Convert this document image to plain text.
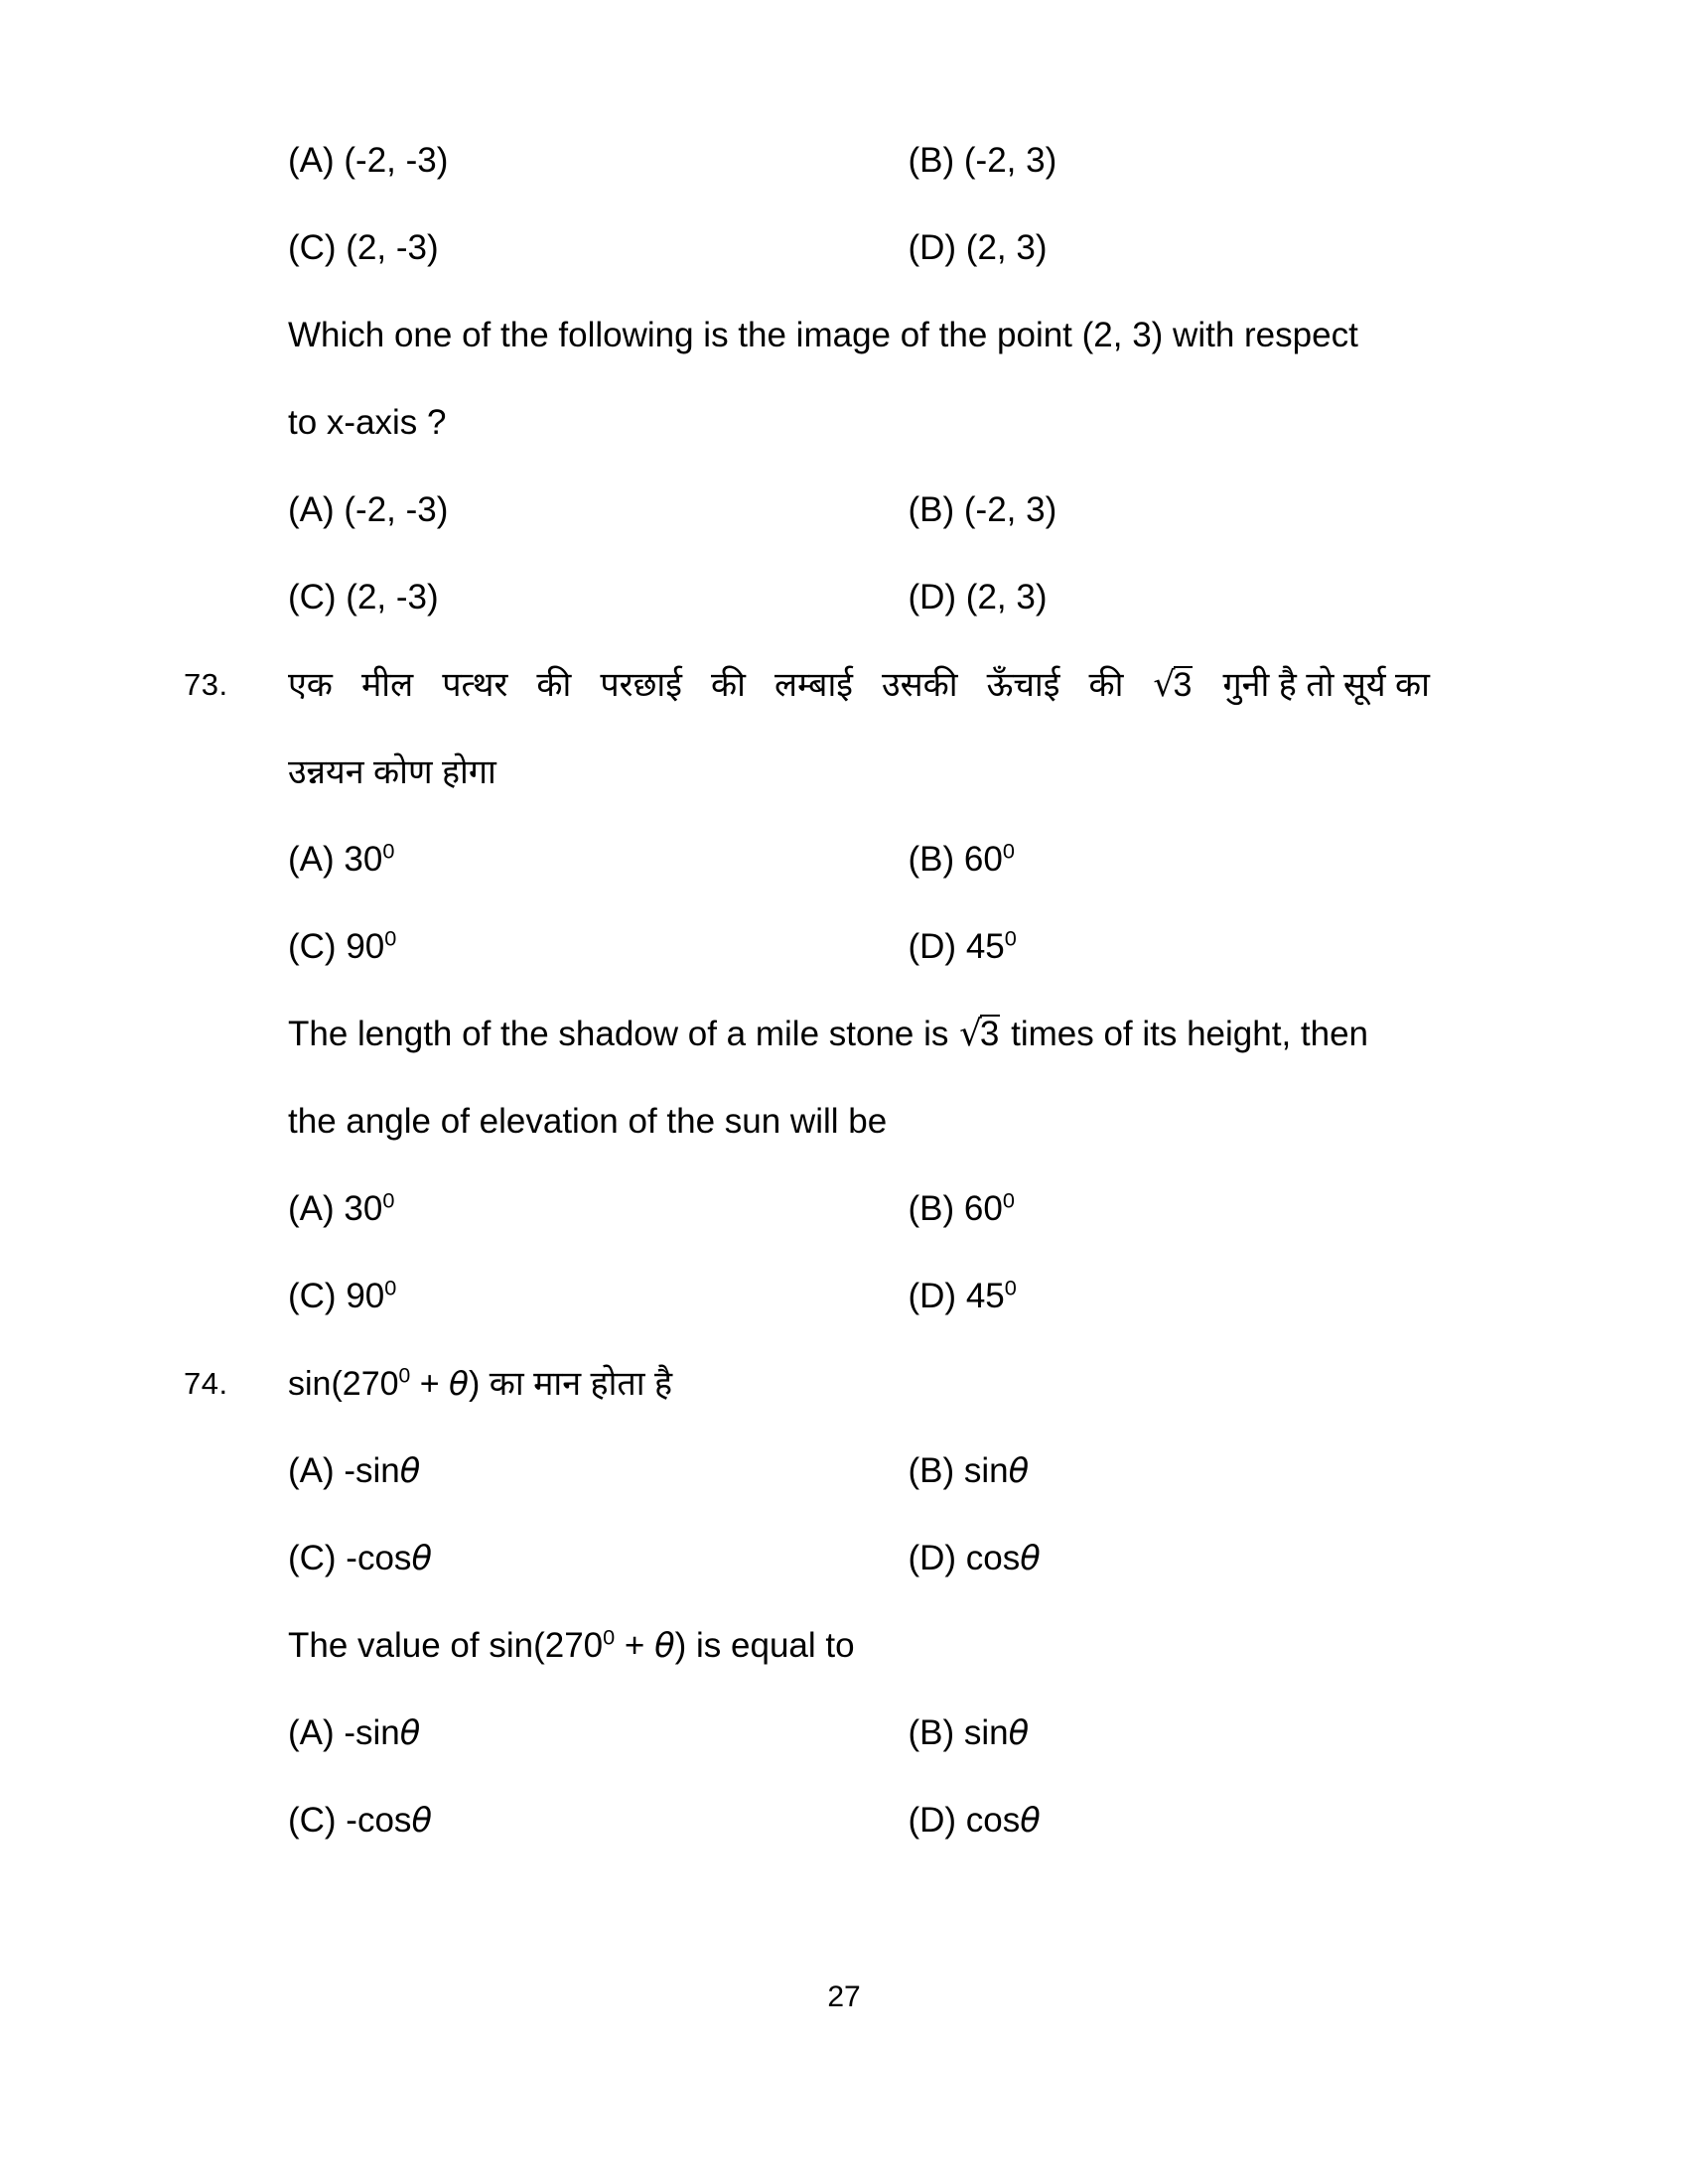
(A) (-2, -3)	(B) (-2, 3)
(C) (2, -3)	(D) (2, 3)
Which one of the following is the image of the point (2, 3) with respect
to x-axis ?
(A) (-2, -3)	(B) (-2, 3)
(C) (2, -3)	(D) (2, 3)
73.	एक मील पत्थर की परछाई की लम्बाई उसकी ऊँचाई की √3 गुनी है तो सूर्य का
उन्नयन कोण होगा
(A) $30^0$	(B) $60^0$
(C) $90^0$	(D) $45^0$
The length of the shadow of a mile stone is √3 times of its height, then
the angle of elevation of the sun will be
(A) $30^0$	(B) $60^0$
(C) $90^0$	(D) $45^0$
74.	$\sin(270^0 + \theta)$ का मान होता है
(A) -sinθ	(B) sinθ
(C) -cosθ	(D) cosθ
The value of $\sin(270^0 + \theta)$ is equal to
(A) -sinθ	(B) sinθ
(C) -cosθ	(D) cosθ
27
